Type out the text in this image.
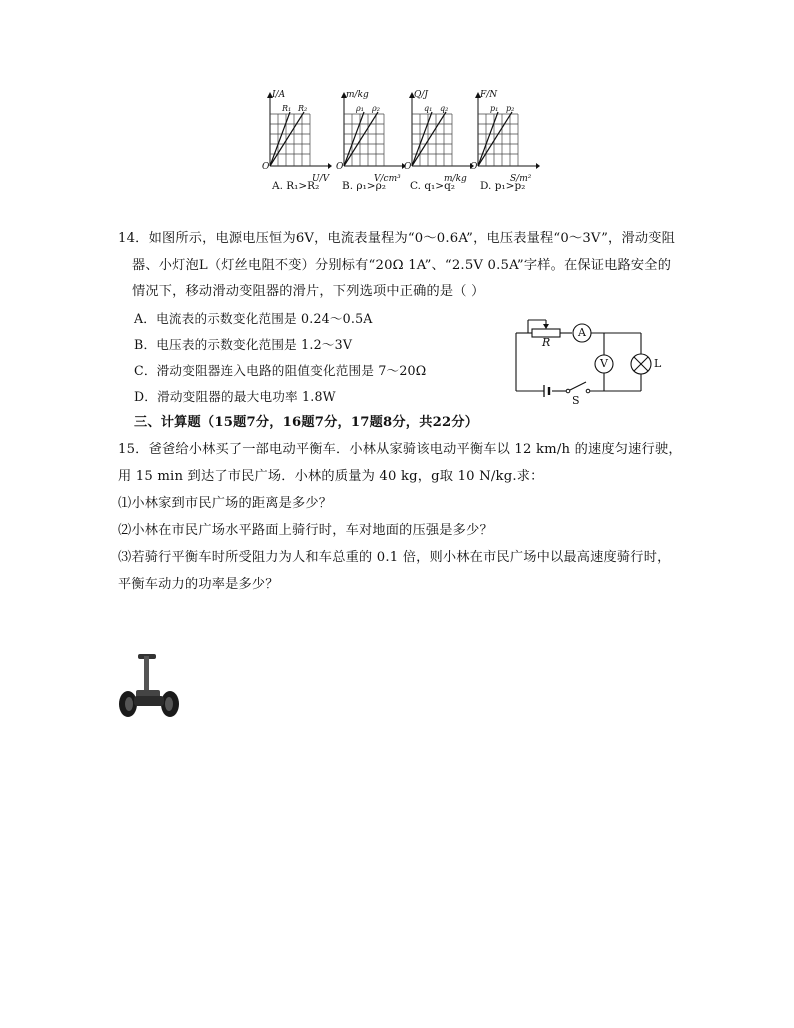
I/A
R₁ R₂
O
U/V
A. R₁>R₂
m/kg
ρ₁ ρ₂
O
V/cm³
B. ρ₁>ρ₂
Q/J
q₁ q₂
O
m/kg
C. q₁>q₂
F/N
p₁ p₂
O
S/m²
D. p₁>p₂
14．如图所示，电源电压恒为6V，电流表量程为“0～0.6A”，电压表量程“0～3V”，滑动变阻
器、小灯泡L（灯丝电阻不变）分别标有“20Ω 1A”、“2.5V 0.5A”字样。在保证电路安全的
情况下，移动滑动变阻器的滑片，下列选项中正确的是（ ）
A．电流表的示数变化范围是 0.24～0.5A
B．电压表的示数变化范围是 1.2～3V
C．滑动变阻器连入电路的阻值变化范围是 7～20Ω
D．滑动变阻器的最大电功率 1.8W
R
A
V	L
S
三、计算题（15题7分，16题7分，17题8分，共22分）
15．爸爸给小林买了一部电动平衡车．小林从家骑该电动平衡车以 12 km/h 的速度匀速行驶，
用 15 min 到达了市民广场．小林的质量为 40 kg，g取 10 N/kg.求：
⑴小林家到市民广场的距离是多少？
⑵小林在市民广场水平路面上骑行时，车对地面的压强是多少？
⑶若骑行平衡车时所受阻力为人和车总重的 0.1 倍，则小林在市民广场中以最高速度骑行时，
平衡车动力的功率是多少？
